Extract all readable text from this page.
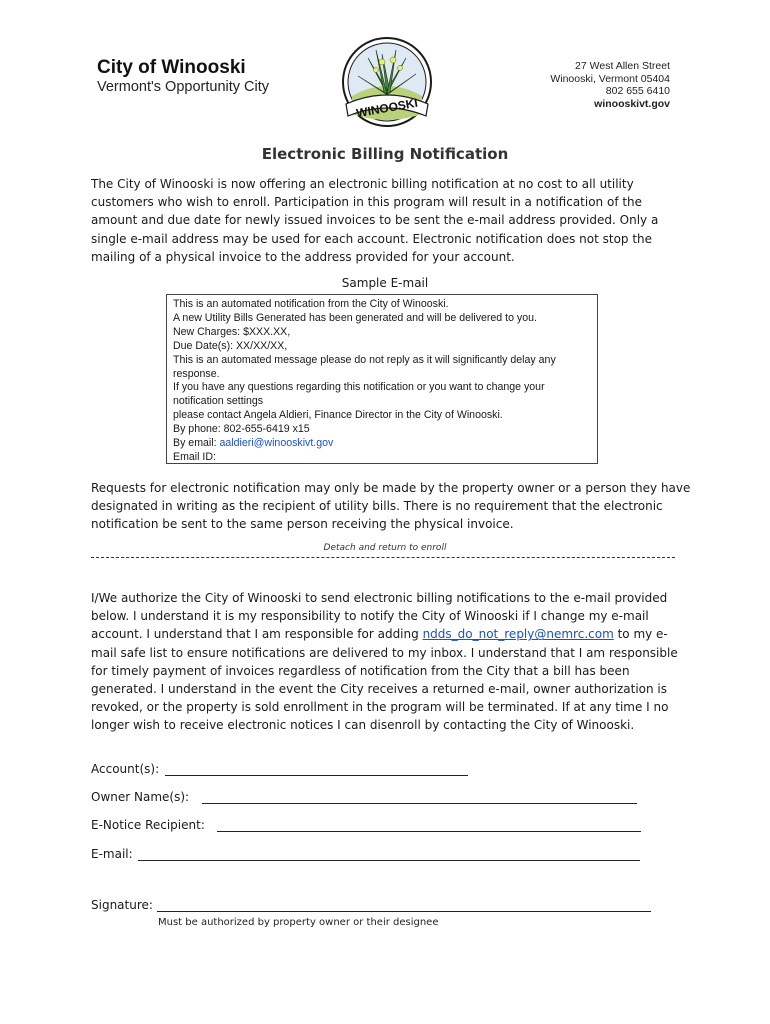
City of Winooski
Vermont's Opportunity City
WINOOSKI
27 West Allen Street
Winooski, Vermont 05404
802 655 6410
winooskivt.gov
Electronic Billing Notification
The City of Winooski is now offering an electronic billing notification at no cost to all utility customers who wish to enroll. Participation in this program will result in a notification of the amount and due date for newly issued invoices to be sent the e-mail address provided. Only a single e-mail address may be used for each account. Electronic notification does not stop the mailing of a physical invoice to the address provided for your account.
Sample E-mail
This is an automated notification from the City of Winooski.
A new Utility Bills Generated has been generated and will be delivered to you.
New Charges: $XXX.XX,
Due Date(s): XX/XX/XX,
This is an automated message please do not reply as it will significantly delay any
response.
If you have any questions regarding this notification or you want to change your
notification settings
please contact Angela Aldieri, Finance Director in the City of Winooski.
By phone: 802-655-6419 x15
By email: aaldieri@winooskivt.gov
Email ID:
Requests for electronic notification may only be made by the property owner or a person they have designated in writing as the recipient of utility bills. There is no requirement that the electronic notification be sent to the same person receiving the physical invoice.
Detach and return to enroll
I/We authorize the City of Winooski to send electronic billing notifications to the e-mail provided below. I understand it is my responsibility to notify the City of Winooski if I change my e-mail account. I understand that I am responsible for adding ndds_do_not_reply@nemrc.com to my e-mail safe list to ensure notifications are delivered to my inbox. I understand that I am responsible for timely payment of invoices regardless of notification from the City that a bill has been generated. I understand in the event the City receives a returned e-mail, owner authorization is revoked, or the property is sold enrollment in the program will be terminated. If at any time I no longer wish to receive electronic notices I can disenroll by contacting the City of Winooski.
Account(s):
Owner Name(s):
E-Notice Recipient:
E-mail:
Signature:
Must be authorized by property owner or their designee
